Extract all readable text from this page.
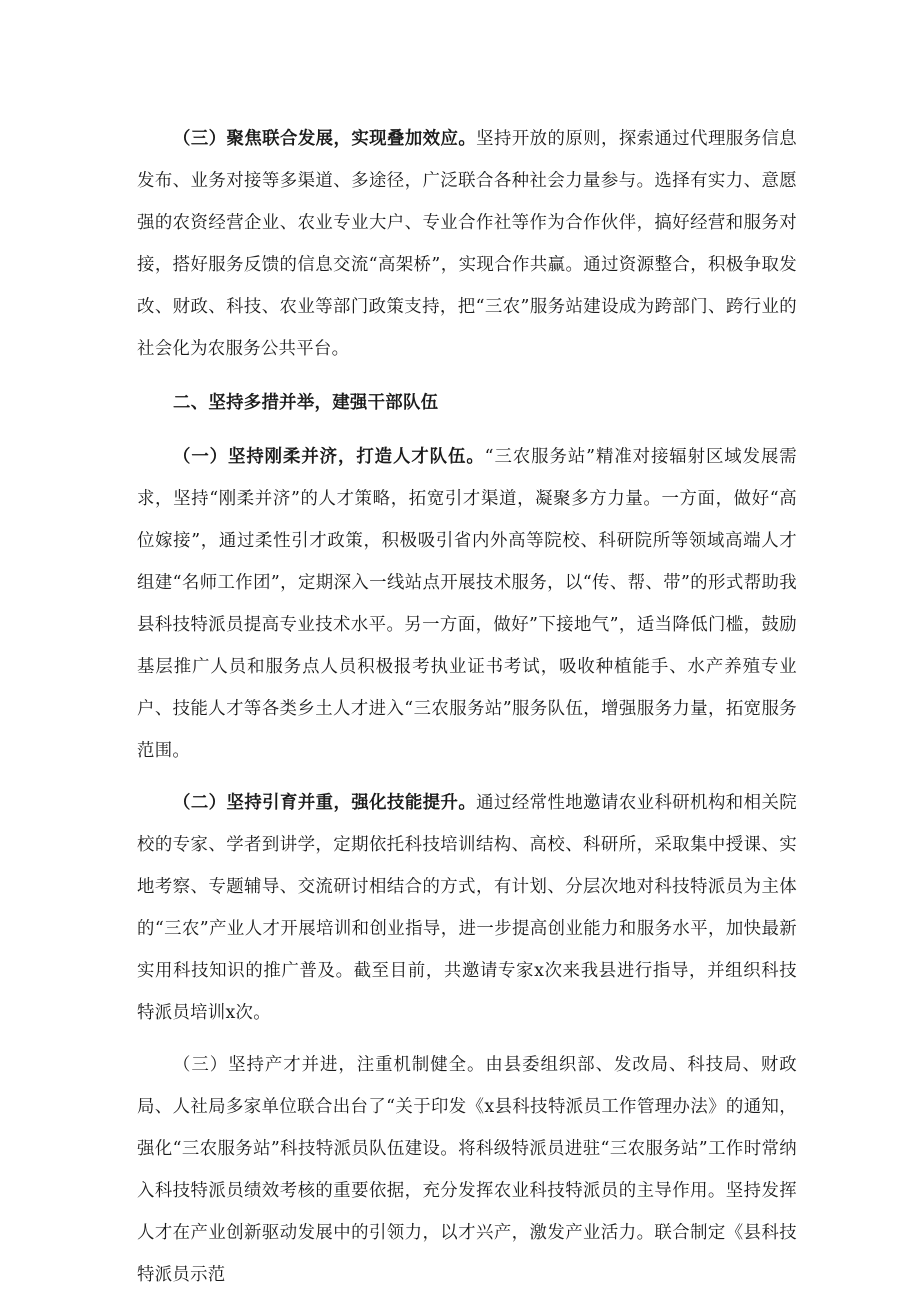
（三）聚焦联合发展，实现叠加效应。坚持开放的原则，探索通过代理服务信息发布、业务对接等多渠道、多途径，广泛联合各种社会力量参与。选择有实力、意愿强的农资经营企业、农业专业大户、专业合作社等作为合作伙伴，搞好经营和服务对接，搭好服务反馈的信息交流“高架桥”，实现合作共赢。通过资源整合，积极争取发改、财政、科技、农业等部门政策支持，把“三农”服务站建设成为跨部门、跨行业的社会化为农服务公共平台。

二、坚持多措并举，建强干部队伍

（一）坚持刚柔并济，打造人才队伍。“三农服务站”精准对接辐射区域发展需求，坚持“刚柔并济”的人才策略，拓宽引才渠道，凝聚多方力量。一方面，做好“高位嫁接”，通过柔性引才政策，积极吸引省内外高等院校、科研院所等领域高端人才组建“名师工作团”，定期深入一线站点开展技术服务，以“传、帮、带”的形式帮助我县科技特派员提高专业技术水平。另一方面，做好”下接地气”，适当降低门槛，鼓励基层推广人员和服务点人员积极报考执业证书考试，吸收种植能手、水产养殖专业户、技能人才等各类乡土人才进入“三农服务站”服务队伍，增强服务力量，拓宽服务范围。

（二）坚持引育并重，强化技能提升。通过经常性地邀请农业科研机构和相关院校的专家、学者到讲学，定期依托科技培训结构、高校、科研所，采取集中授课、实地考察、专题辅导、交流研讨相结合的方式，有计划、分层次地对科技特派员为主体的“三农”产业人才开展培训和创业指导，进一步提高创业能力和服务水平，加快最新实用科技知识的推广普及。截至目前，共邀请专家x次来我县进行指导，并组织科技特派员培训x次。

（三）坚持产才并进，注重机制健全。由县委组织部、发改局、科技局、财政局、人社局多家单位联合出台了“关于印发《x县科技特派员工作管理办法》的通知，强化“三农服务站”科技特派员队伍建设。将科级特派员进驻“三农服务站”工作时常纳入科技特派员绩效考核的重要依据，充分发挥农业科技特派员的主导作用。坚持发挥人才在产业创新驱动发展中的引领力，以才兴产，激发产业活力。联合制定《县科技特派员示范
